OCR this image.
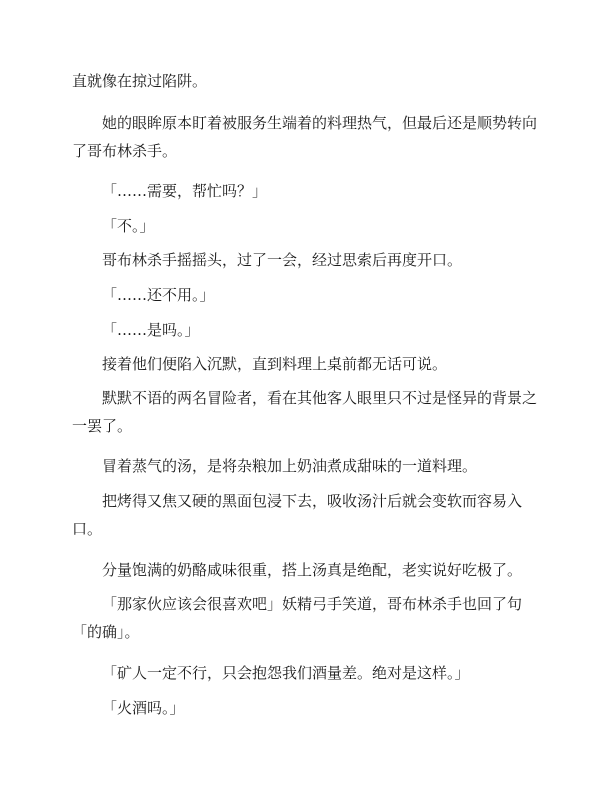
直就像在掠过陷阱。

她的眼眸原本盯着被服务生端着的料理热气，但最后还是顺势转向了哥布林杀手。

「……需要，帮忙吗？」

「不。」

哥布林杀手摇摇头，过了一会，经过思索后再度开口。

「……还不用。」

「……是吗。」

接着他们便陷入沉默，直到料理上桌前都无话可说。

默默不语的两名冒险者，看在其他客人眼里只不过是怪异的背景之一罢了。

冒着蒸气的汤，是将杂粮加上奶油煮成甜味的一道料理。

把烤得又焦又硬的黑面包浸下去，吸收汤汁后就会变软而容易入口。

分量饱满的奶酪咸味很重，搭上汤真是绝配，老实说好吃极了。

「那家伙应该会很喜欢吧」妖精弓手笑道，哥布林杀手也回了句「的确」。

「矿人一定不行，只会抱怨我们酒量差。绝对是这样。」

「火酒吗。」
